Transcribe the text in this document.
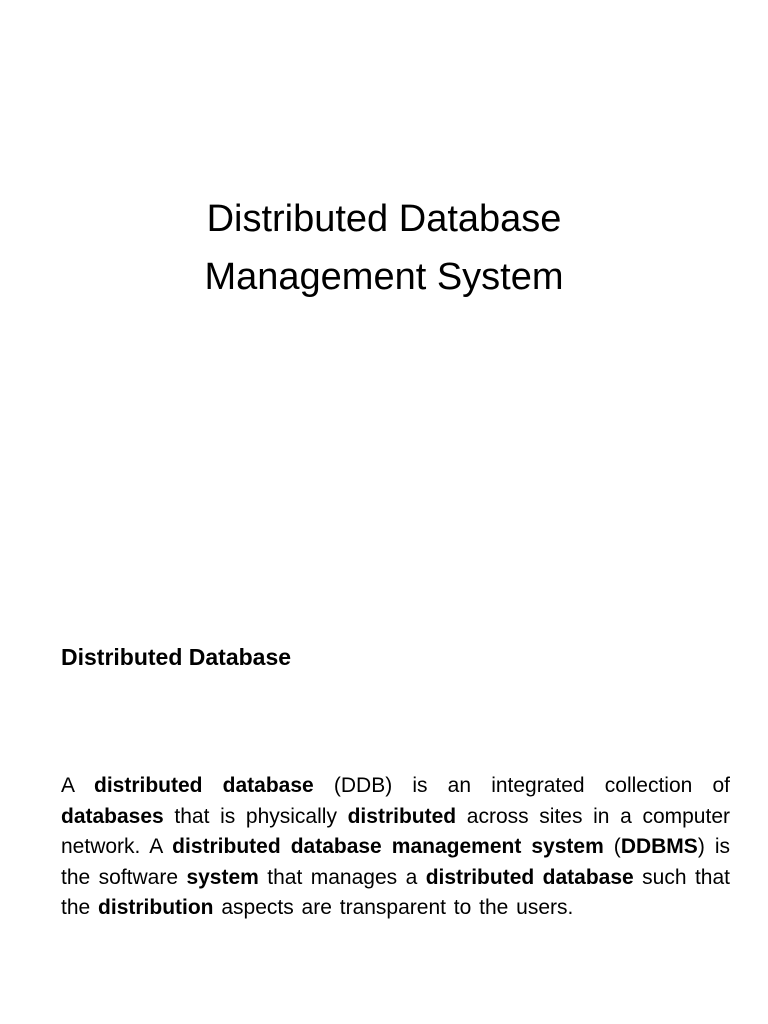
Distributed Database
Management System
Distributed Database

A distributed database (DDB) is an integrated collection of databases that is physically distributed across sites in a computer network. A distributed database management system (DDBMS) is the software system that manages a distributed database such that the distribution aspects are transparent to the users.
